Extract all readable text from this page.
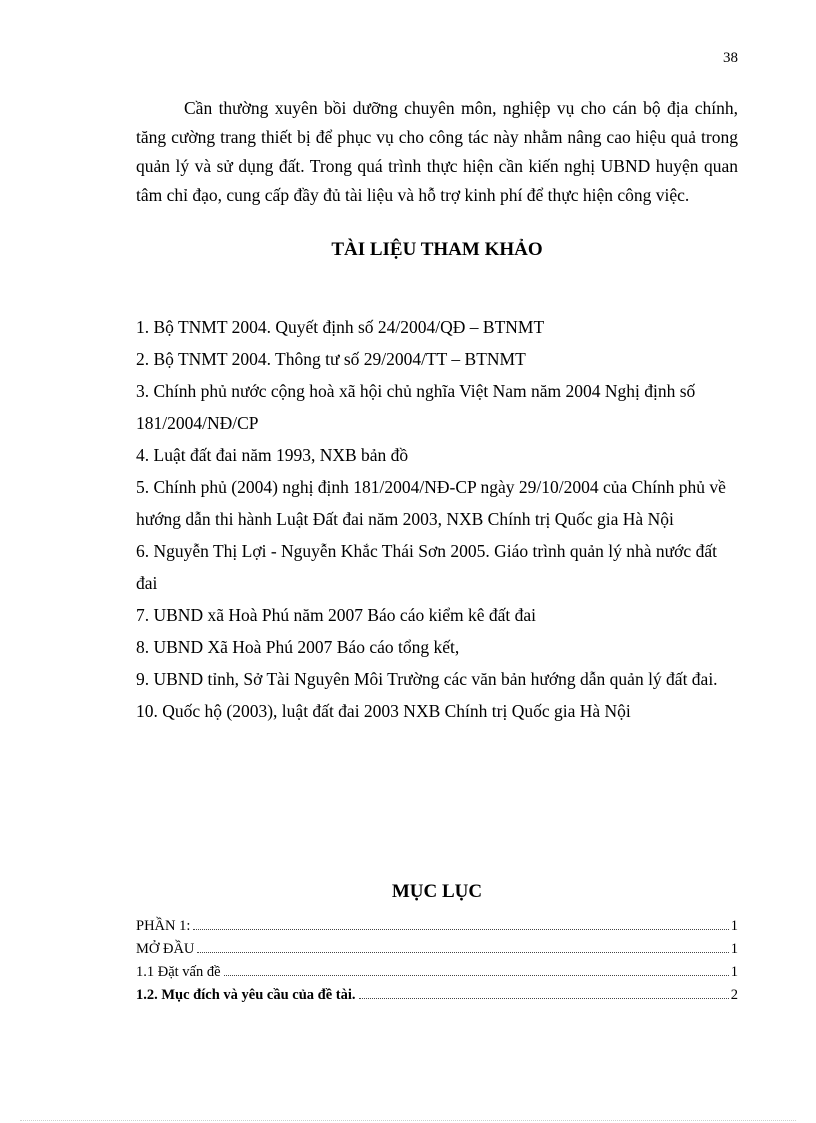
38

Cần thường xuyên bồi dưỡng chuyên môn, nghiệp vụ cho cán bộ địa chính, tăng cường trang thiết bị để phục vụ cho công tác này nhằm nâng cao hiệu quả trong quản lý và sử dụng đất. Trong quá trình thực hiện cần kiến nghị UBND huyện quan tâm chỉ đạo, cung cấp đầy đủ tài liệu và hỗ trợ kinh phí để thực hiện công việc.

TÀI LIỆU THAM KHẢO
1. Bộ TNMT 2004. Quyết định số 24/2004/QĐ – BTNMT
2. Bộ TNMT 2004. Thông tư số 29/2004/TT – BTNMT
3. Chính phủ nước cộng hoà xã hội chủ nghĩa Việt Nam năm 2004 Nghị định số 181/2004/NĐ/CP
4. Luật đất đai năm 1993, NXB bản đồ
5. Chính phủ (2004) nghị định 181/2004/NĐ-CP ngày 29/10/2004 của Chính phủ về hướng dẫn thi hành Luật Đất đai năm 2003, NXB Chính trị Quốc gia Hà Nội
6. Nguyễn Thị Lợi - Nguyễn Khắc Thái Sơn 2005. Giáo trình quản lý nhà nước đất đai
7. UBND xã Hoà Phú năm 2007 Báo cáo kiểm kê đất đai
8. UBND Xã Hoà Phú 2007 Báo cáo tổng kết,
9. UBND tỉnh, Sở Tài Nguyên Môi Trường các văn bản hướng dẫn quản lý đất đai.
10. Quốc hộ (2003), luật đất đai 2003 NXB Chính trị Quốc gia Hà Nội
MỤC LỤC
PHẦN 1:	1
MỞ ĐẦU	1
1.1 Đặt vấn đề	1
1.2. Mục đích và yêu cầu của đề tài.	2
